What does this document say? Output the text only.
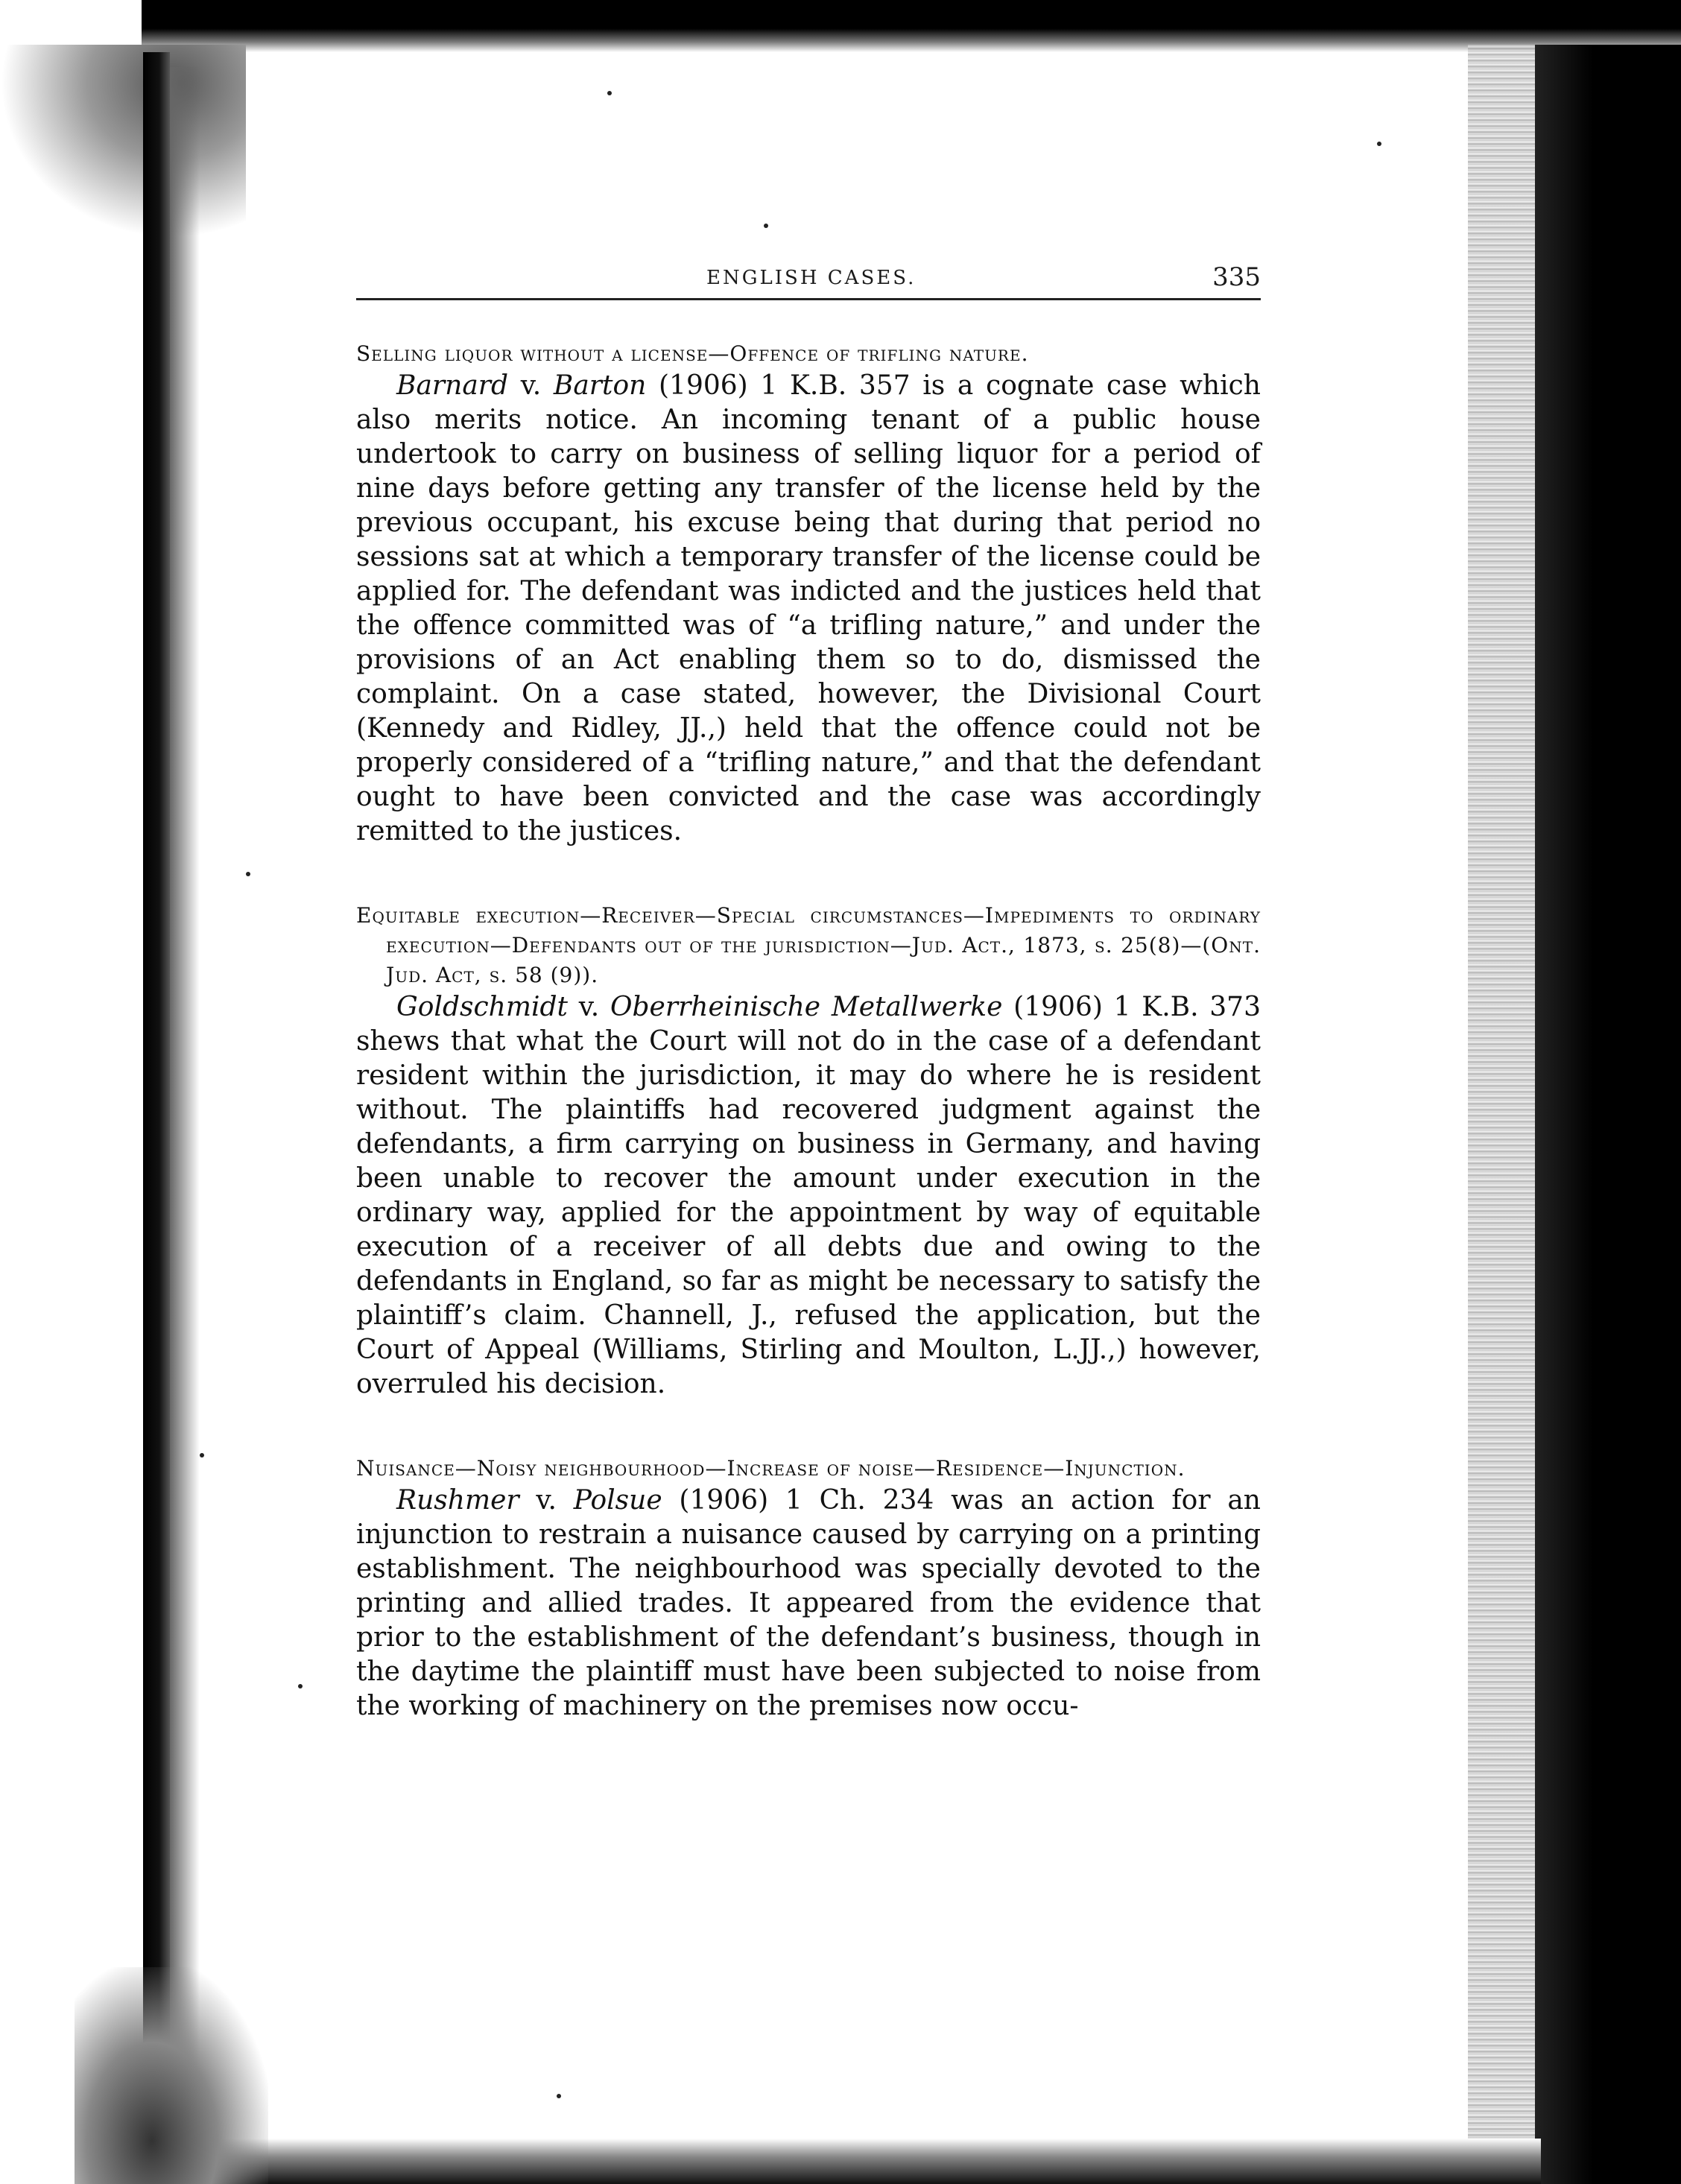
ENGLISH CASES.	335

Selling liquor without a license—Offence of trifling nature.

Barnard v. Barton (1906) 1 K.B. 357 is a cognate case which also merits notice. An incoming tenant of a public house undertook to carry on business of selling liquor for a period of nine days before getting any transfer of the license held by the previous occupant, his excuse being that during that period no sessions sat at which a temporary transfer of the license could be applied for. The defendant was indicted and the justices held that the offence committed was of “a trifling nature,” and under the provisions of an Act enabling them so to do, dismissed the complaint. On a case stated, however, the Divisional Court (Kennedy and Ridley, JJ.,) held that the offence could not be properly considered of a “trifling nature,” and that the defendant ought to have been convicted and the case was accordingly remitted to the justices.

Equitable execution—Receiver—Special circumstances—Impediments to ordinary execution—Defendants out of the jurisdiction—Jud. Act., 1873, s. 25(8)—(Ont. Jud. Act, s. 58 (9)).

Goldschmidt v. Oberrheinische Metallwerke (1906) 1 K.B. 373 shews that what the Court will not do in the case of a defendant resident within the jurisdiction, it may do where he is resident without. The plaintiffs had recovered judgment against the defendants, a firm carrying on business in Germany, and having been unable to recover the amount under execution in the ordinary way, applied for the appointment by way of equitable execution of a receiver of all debts due and owing to the defendants in England, so far as might be necessary to satisfy the plaintiff’s claim. Channell, J., refused the application, but the Court of Appeal (Williams, Stirling and Moulton, L.JJ.,) however, overruled his decision.

Nuisance—Noisy neighbourhood—Increase of noise—Residence—Injunction.

Rushmer v. Polsue (1906) 1 Ch. 234 was an action for an injunction to restrain a nuisance caused by carrying on a printing establishment. The neighbourhood was specially devoted to the printing and allied trades. It appeared from the evidence that prior to the establishment of the defendant’s business, though in the daytime the plaintiff must have been subjected to noise from the working of machinery on the premises now occu-
